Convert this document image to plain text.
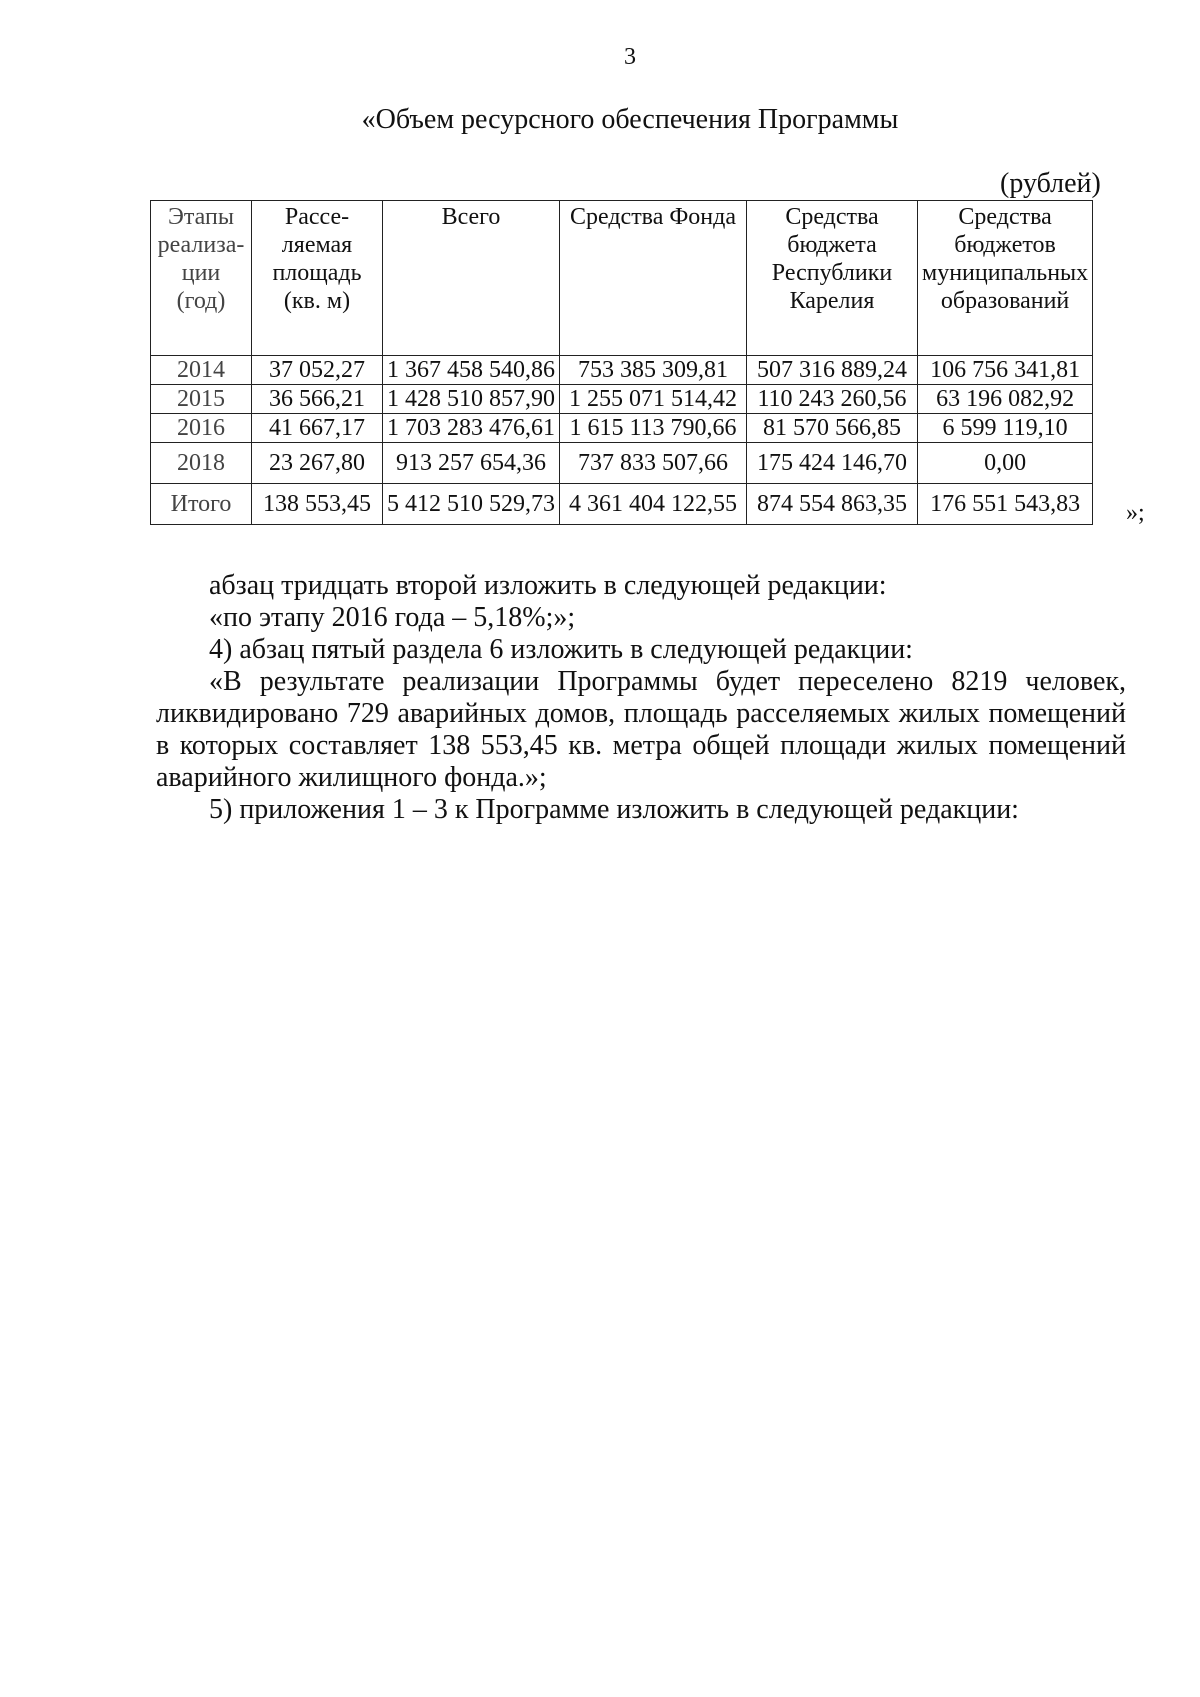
3
«Объем ресурсного обеспечения Программы
(рублей)
Этапы реализа- ции (год)	Рассе- ляемая площадь (кв. м)	Всего	Средства Фонда	Средства бюджета Республики Карелия	Средства бюджетов муниципальных образований
2014	37 052,27	1 367 458 540,86	753 385 309,81	507 316 889,24	106 756 341,81
2015	36 566,21	1 428 510 857,90	1 255 071 514,42	110 243 260,56	63 196 082,92
2016	41 667,17	1 703 283 476,61	1 615 113 790,66	81 570 566,85	6 599 119,10
2018	23 267,80	913 257 654,36	737 833 507,66	175 424 146,70	0,00
Итого	138 553,45	5 412 510 529,73	4 361 404 122,55	874 554 863,35	176 551 543,83 »;

абзац тридцать второй изложить в следующей редакции:

«по этапу 2016 года – 5,18%;»;

4) абзац пятый раздела 6 изложить в следующей редакции:

«В результате реализации Программы будет переселено 8219 человек, ликвидировано 729 аварийных домов, площадь расселяемых жилых помещений в которых составляет 138 553,45 кв. метра общей площади жилых помещений аварийного жилищного фонда.»;

5) приложения 1 – 3 к Программе изложить в следующей редакции:
